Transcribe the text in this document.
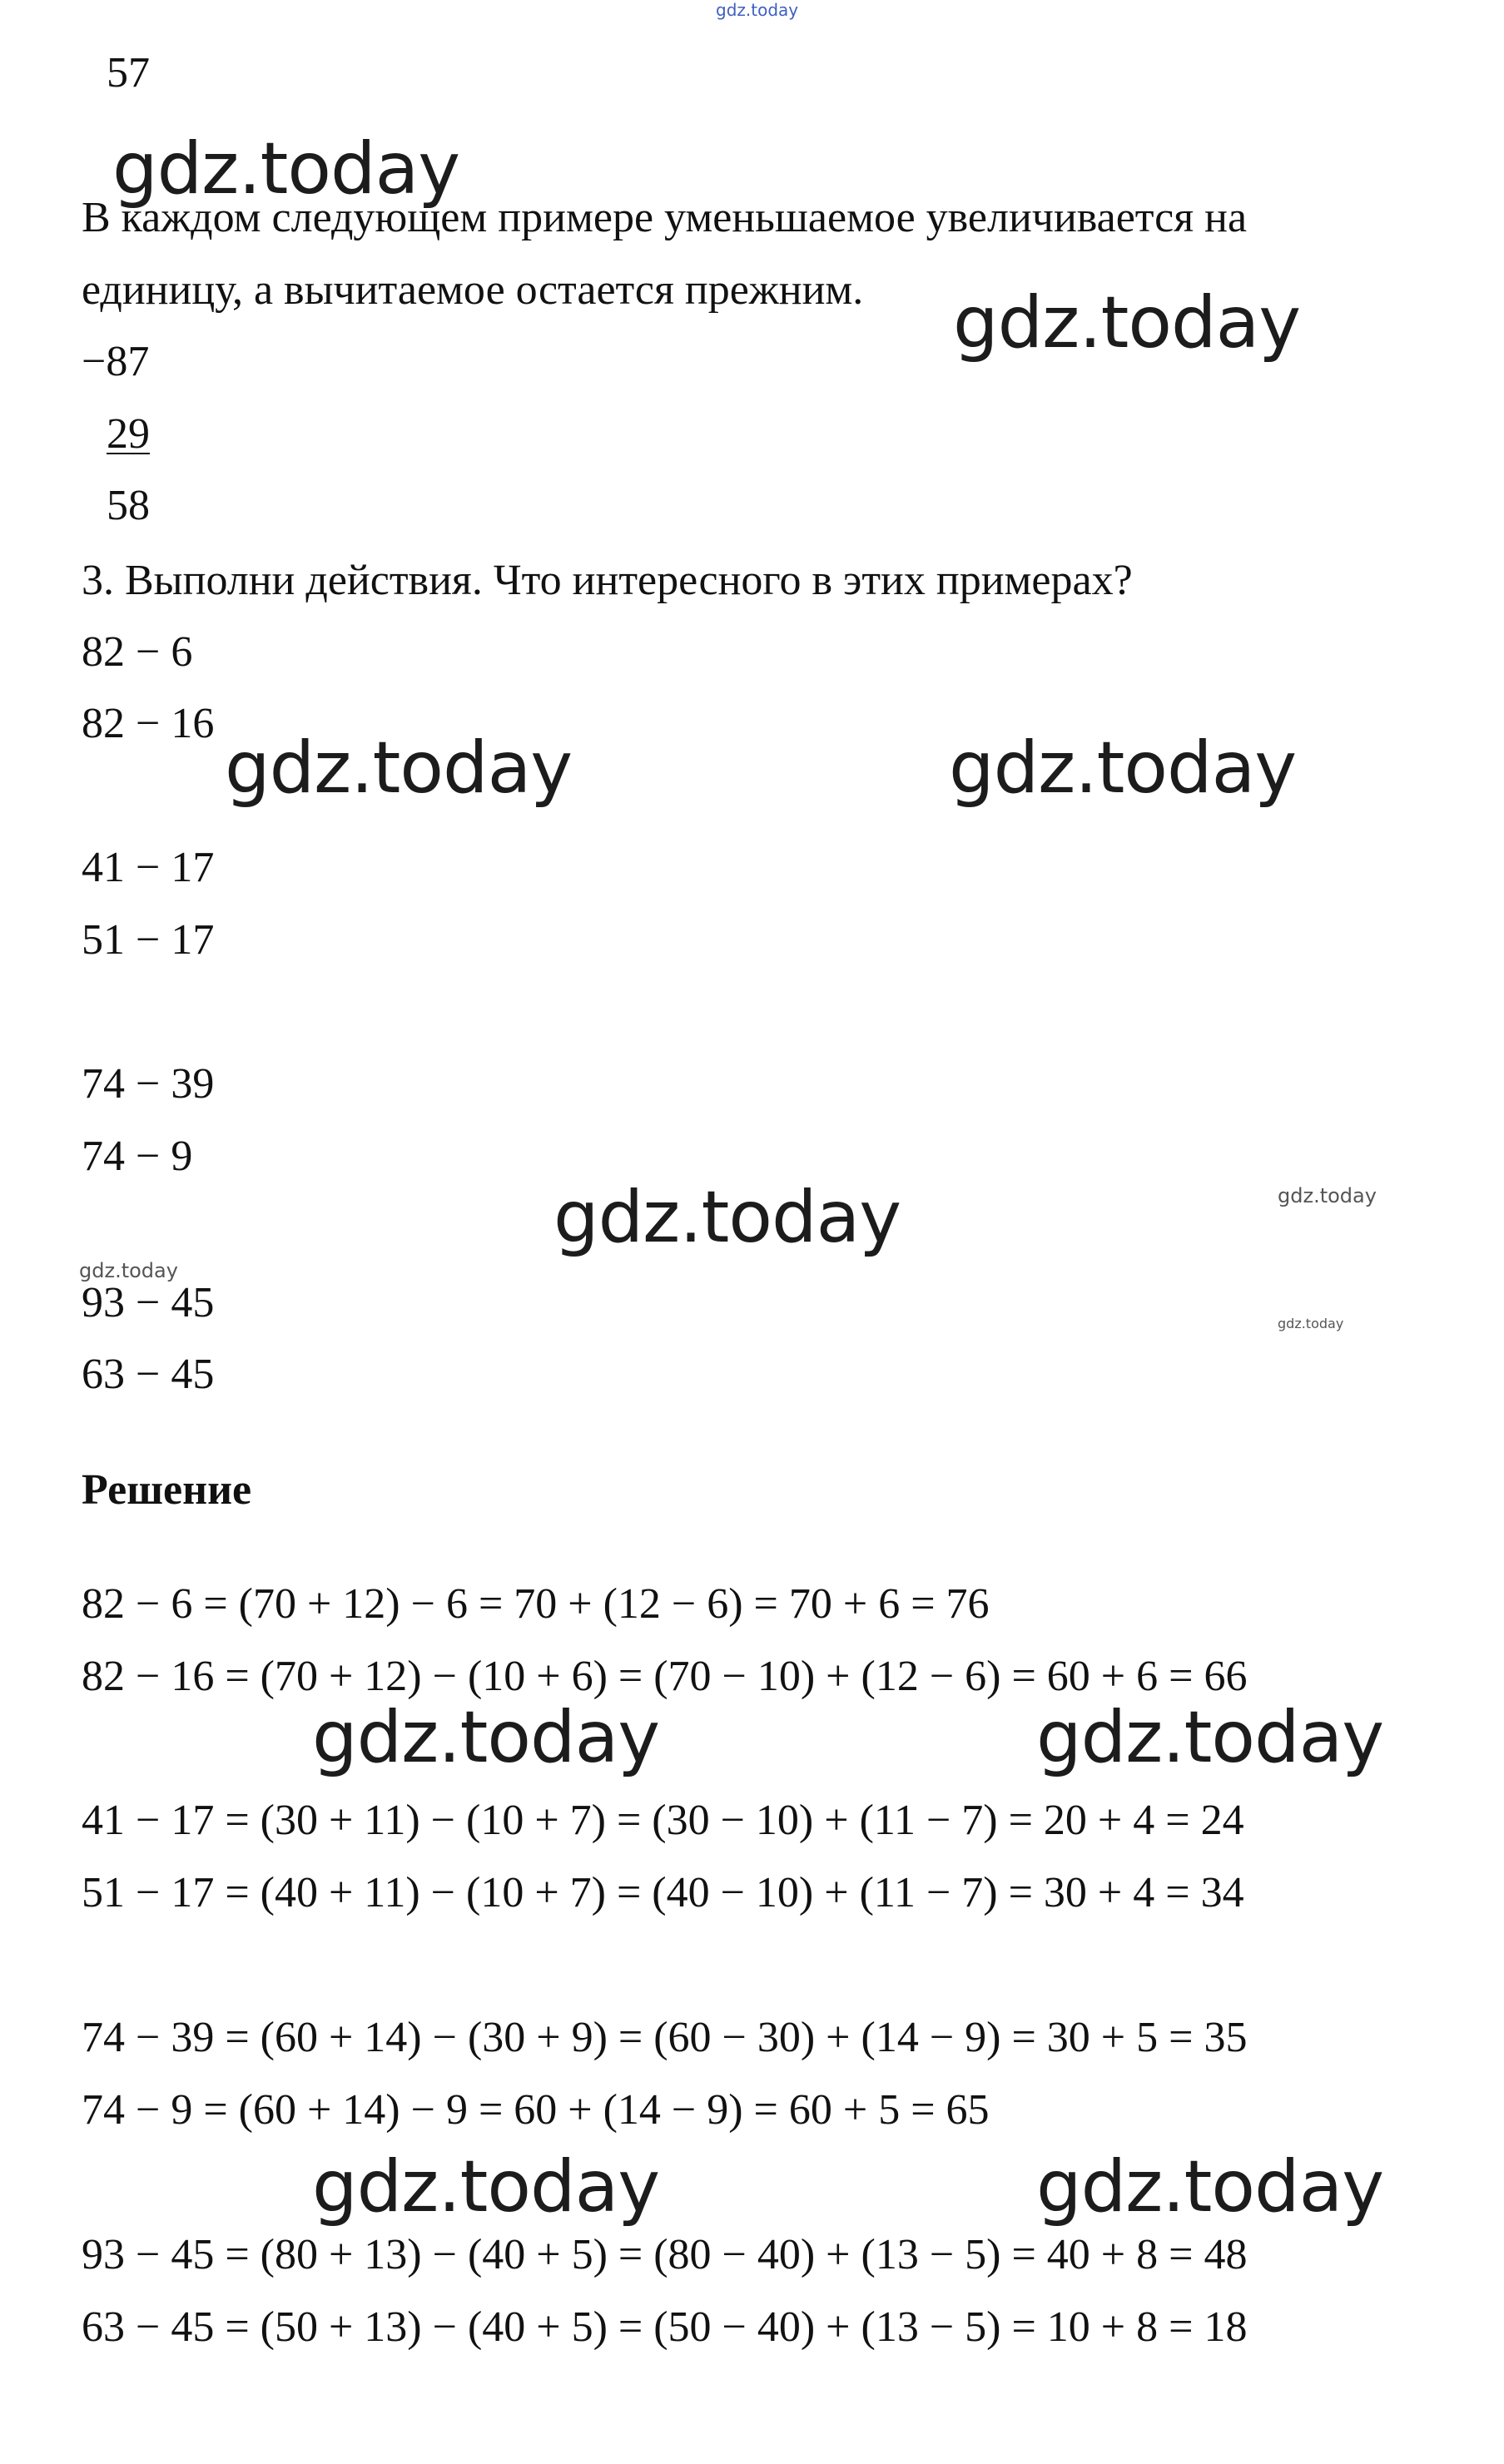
gdz.today
gdz.today
gdz.today
gdz.today	gdz.today
gdz.today	gdz.today
gdz.today
gdz.today
gdz.today	gdz.today
gdz.today	gdz.today
57
В каждом следующем примере уменьшаемое увеличивается на
единицу, а вычитаемое остается прежним.
−87
29
58
3. Выполни действия. Что интересного в этих примерах?
82 − 6
82 − 16
41 − 17
51 − 17
74 − 39
74 − 9
93 − 45
63 − 45
Решение
82 − 6 = (70 + 12) − 6 = 70 + (12 − 6) = 70 + 6 = 76
82 − 16 = (70 + 12) − (10 + 6) = (70 − 10) + (12 − 6) = 60 + 6 = 66
41 − 17 = (30 + 11) − (10 + 7) = (30 − 10) + (11 − 7) = 20 + 4 = 24
51 − 17 = (40 + 11) − (10 + 7) = (40 − 10) + (11 − 7) = 30 + 4 = 34
74 − 39 = (60 + 14) − (30 + 9) = (60 − 30) + (14 − 9) = 30 + 5 = 35
74 − 9 = (60 + 14) − 9 = 60 + (14 − 9) = 60 + 5 = 65
93 − 45 = (80 + 13) − (40 + 5) = (80 − 40) + (13 − 5) = 40 + 8 = 48
63 − 45 = (50 + 13) − (40 + 5) = (50 − 40) + (13 − 5) = 10 + 8 = 18
